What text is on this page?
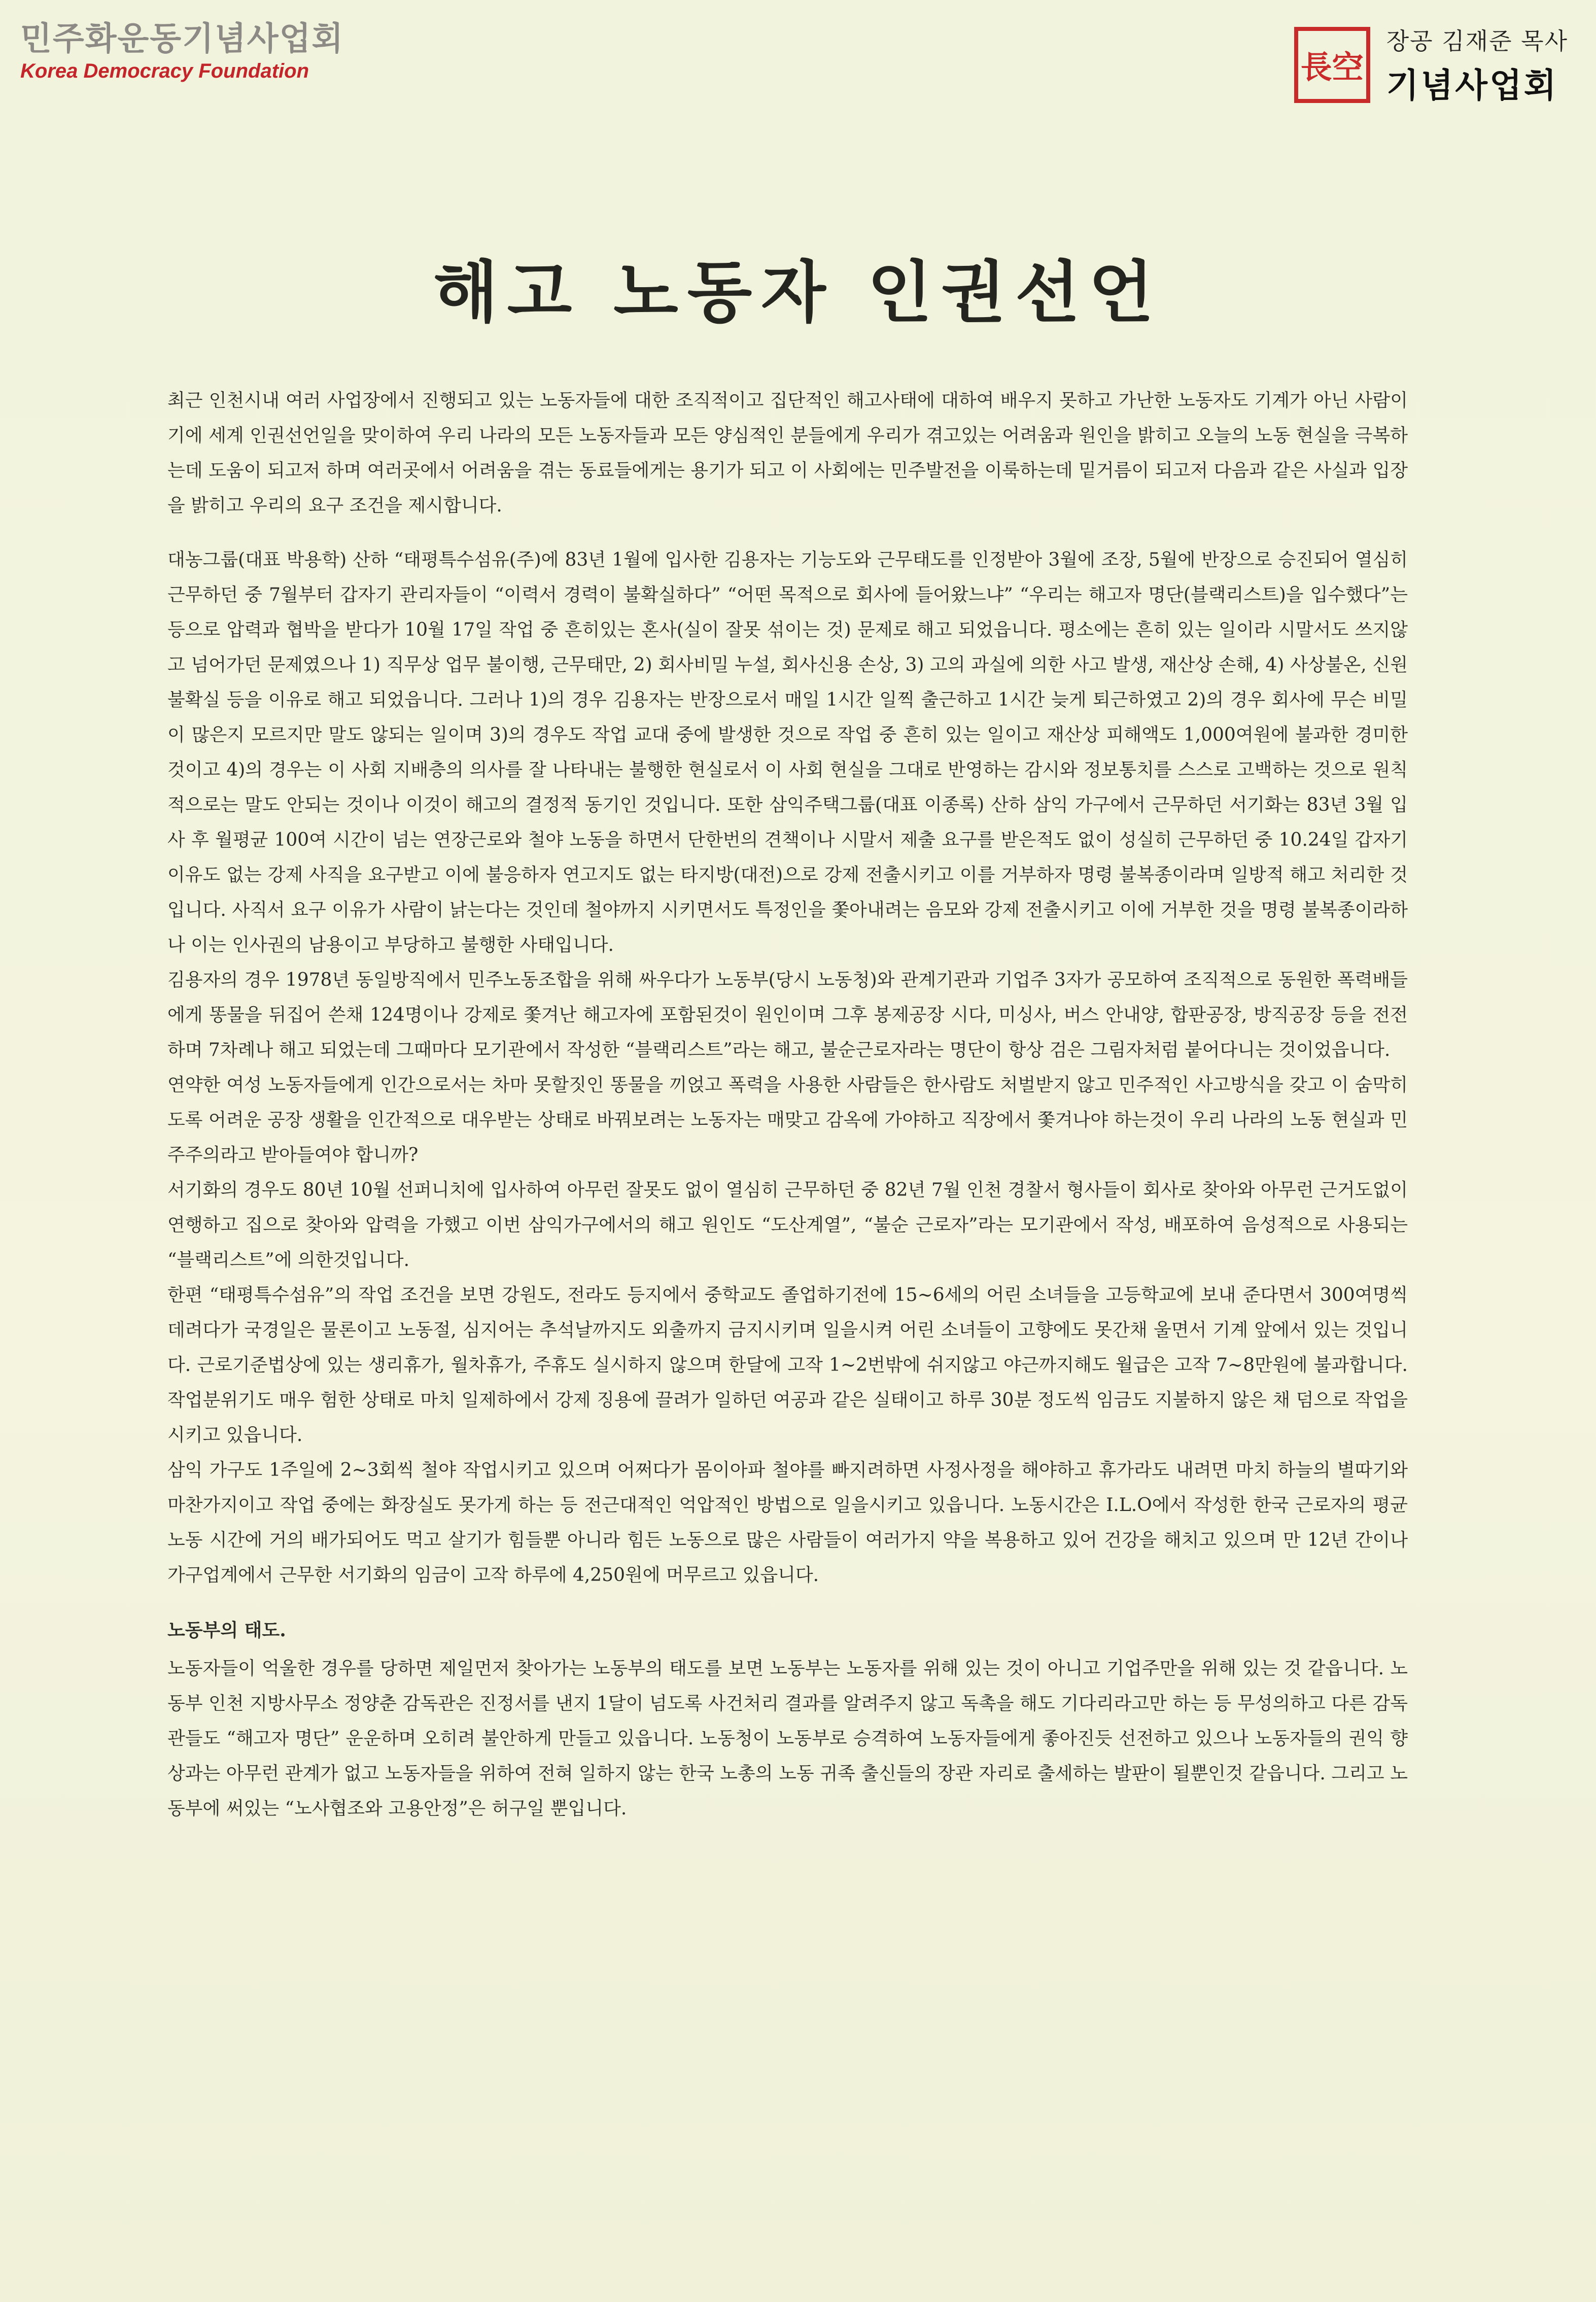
민주화운동기념사업회
Korea Democracy Foundation	長空
장공 김재준 목사
기념사업회
해고 노동자 인권선언

최근 인천시내 여러 사업장에서 진행되고 있는 노동자들에 대한 조직적이고 집단적인 해고사태에 대하여 배우지 못하고 가난한 노동자도 기계가 아닌 사람이기에 세계 인권선언일을 맞이하여 우리 나라의 모든 노동자들과 모든 양심적인 분들에게 우리가 겪고있는 어려움과 원인을 밝히고 오늘의 노동 현실을 극복하는데 도움이 되고저 하며 여러곳에서 어려움을 겪는 동료들에게는 용기가 되고 이 사회에는 민주발전을 이룩하는데 밑거름이 되고저 다음과 같은 사실과 입장을 밝히고 우리의 요구 조건을 제시합니다.

대농그룹(대표 박용학) 산하 “태평특수섬유(주)에 83년 1월에 입사한 김용자는 기능도와 근무태도를 인정받아 3월에 조장, 5월에 반장으로 승진되어 열심히 근무하던 중 7월부터 갑자기 관리자들이 “이력서 경력이 불확실하다” “어떤 목적으로 회사에 들어왔느냐” “우리는 해고자 명단(블랙리스트)을 입수했다”는 등으로 압력과 협박을 받다가 10월 17일 작업 중 흔히있는 혼사(실이 잘못 섞이는 것) 문제로 해고 되었읍니다. 평소에는 흔히 있는 일이라 시말서도 쓰지않고 넘어가던 문제였으나 1) 직무상 업무 불이행, 근무태만, 2) 회사비밀 누설, 회사신용 손상, 3) 고의 과실에 의한 사고 발생, 재산상 손해, 4) 사상불온, 신원불확실 등을 이유로 해고 되었읍니다. 그러나 1)의 경우 김용자는 반장으로서 매일 1시간 일찍 출근하고 1시간 늦게 퇴근하였고 2)의 경우 회사에 무슨 비밀이 많은지 모르지만 말도 않되는 일이며 3)의 경우도 작업 교대 중에 발생한 것으로 작업 중 흔히 있는 일이고 재산상 피해액도 1,000여원에 불과한 경미한 것이고 4)의 경우는 이 사회 지배층의 의사를 잘 나타내는 불행한 현실로서 이 사회 현실을 그대로 반영하는 감시와 정보통치를 스스로 고백하는 것으로 원칙적으로는 말도 안되는 것이나 이것이 해고의 결정적 동기인 것입니다. 또한 삼익주택그룹(대표 이종록) 산하 삼익 가구에서 근무하던 서기화는 83년 3월 입사 후 월평균 100여 시간이 넘는 연장근로와 철야 노동을 하면서 단한번의 견책이나 시말서 제출 요구를 받은적도 없이 성실히 근무하던 중 10.24일 갑자기 이유도 없는 강제 사직을 요구받고 이에 불응하자 연고지도 없는 타지방(대전)으로 강제 전출시키고 이를 거부하자 명령 불복종이라며 일방적 해고 처리한 것입니다. 사직서 요구 이유가 사람이 낡는다는 것인데 철야까지 시키면서도 특정인을 쫓아내려는 음모와 강제 전출시키고 이에 거부한 것을 명령 불복종이라하나 이는 인사권의 남용이고 부당하고 불행한 사태입니다.

김용자의 경우 1978년 동일방직에서 민주노동조합을 위해 싸우다가 노동부(당시 노동청)와 관계기관과 기업주 3자가 공모하여 조직적으로 동원한 폭력배들에게 똥물을 뒤집어 쓴채 124명이나 강제로 쫓겨난 해고자에 포함된것이 원인이며 그후 봉제공장 시다, 미싱사, 버스 안내양, 합판공장, 방직공장 등을 전전하며 7차례나 해고 되었는데 그때마다 모기관에서 작성한 “블랙리스트”라는 해고, 불순근로자라는 명단이 항상 검은 그림자처럼 붙어다니는 것이었읍니다.

연약한 여성 노동자들에게 인간으로서는 차마 못할짓인 똥물을 끼얹고 폭력을 사용한 사람들은 한사람도 처벌받지 않고 민주적인 사고방식을 갖고 이 숨막히도록 어려운 공장 생활을 인간적으로 대우받는 상태로 바꿔보려는 노동자는 매맞고 감옥에 가야하고 직장에서 쫓겨나야 하는것이 우리 나라의 노동 현실과 민주주의라고 받아들여야 합니까?

서기화의 경우도 80년 10월 선퍼니치에 입사하여 아무런 잘못도 없이 열심히 근무하던 중 82년 7월 인천 경찰서 형사들이 회사로 찾아와 아무런 근거도없이 연행하고 집으로 찾아와 압력을 가했고 이번 삼익가구에서의 해고 원인도 “도산계열”, “불순 근로자”라는 모기관에서 작성, 배포하여 음성적으로 사용되는 “블랙리스트”에 의한것입니다.

한편 “태평특수섬유”의 작업 조건을 보면 강원도, 전라도 등지에서 중학교도 졸업하기전에 15~6세의 어린 소녀들을 고등학교에 보내 준다면서 300여명씩 데려다가 국경일은 물론이고 노동절, 심지어는 추석날까지도 외출까지 금지시키며 일을시켜 어린 소녀들이 고향에도 못간채 울면서 기계 앞에서 있는 것입니다. 근로기준법상에 있는 생리휴가, 월차휴가, 주휴도 실시하지 않으며 한달에 고작 1~2번밖에 쉬지않고 야근까지해도 월급은 고작 7~8만원에 불과합니다. 작업분위기도 매우 험한 상태로 마치 일제하에서 강제 징용에 끌려가 일하던 여공과 같은 실태이고 하루 30분 정도씩 임금도 지불하지 않은 채 덤으로 작업을 시키고 있읍니다.

삼익 가구도 1주일에 2~3회씩 철야 작업시키고 있으며 어쩌다가 몸이아파 철야를 빠지려하면 사정사정을 해야하고 휴가라도 내려면 마치 하늘의 별따기와 마찬가지이고 작업 중에는 화장실도 못가게 하는 등 전근대적인 억압적인 방법으로 일을시키고 있읍니다. 노동시간은 I.L.O에서 작성한 한국 근로자의 평균 노동 시간에 거의 배가되어도 먹고 살기가 힘들뿐 아니라 힘든 노동으로 많은 사람들이 여러가지 약을 복용하고 있어 건강을 해치고 있으며 만 12년 간이나 가구업계에서 근무한 서기화의 임금이 고작 하루에 4,250원에 머무르고 있읍니다.

노동부의 태도.

노동자들이 억울한 경우를 당하면 제일먼저 찾아가는 노동부의 태도를 보면 노동부는 노동자를 위해 있는 것이 아니고 기업주만을 위해 있는 것 같읍니다. 노동부 인천 지방사무소 정양춘 감독관은 진정서를 낸지 1달이 넘도록 사건처리 결과를 알려주지 않고 독촉을 해도 기다리라고만 하는 등 무성의하고 다른 감독관들도 “해고자 명단” 운운하며 오히려 불안하게 만들고 있읍니다. 노동청이 노동부로 승격하여 노동자들에게 좋아진듯 선전하고 있으나 노동자들의 권익 향상과는 아무런 관계가 없고 노동자들을 위하여 전혀 일하지 않는 한국 노총의 노동 귀족 출신들의 장관 자리로 출세하는 발판이 될뿐인것 같읍니다. 그리고 노동부에 써있는 “노사협조와 고용안정”은 허구일 뿐입니다.
